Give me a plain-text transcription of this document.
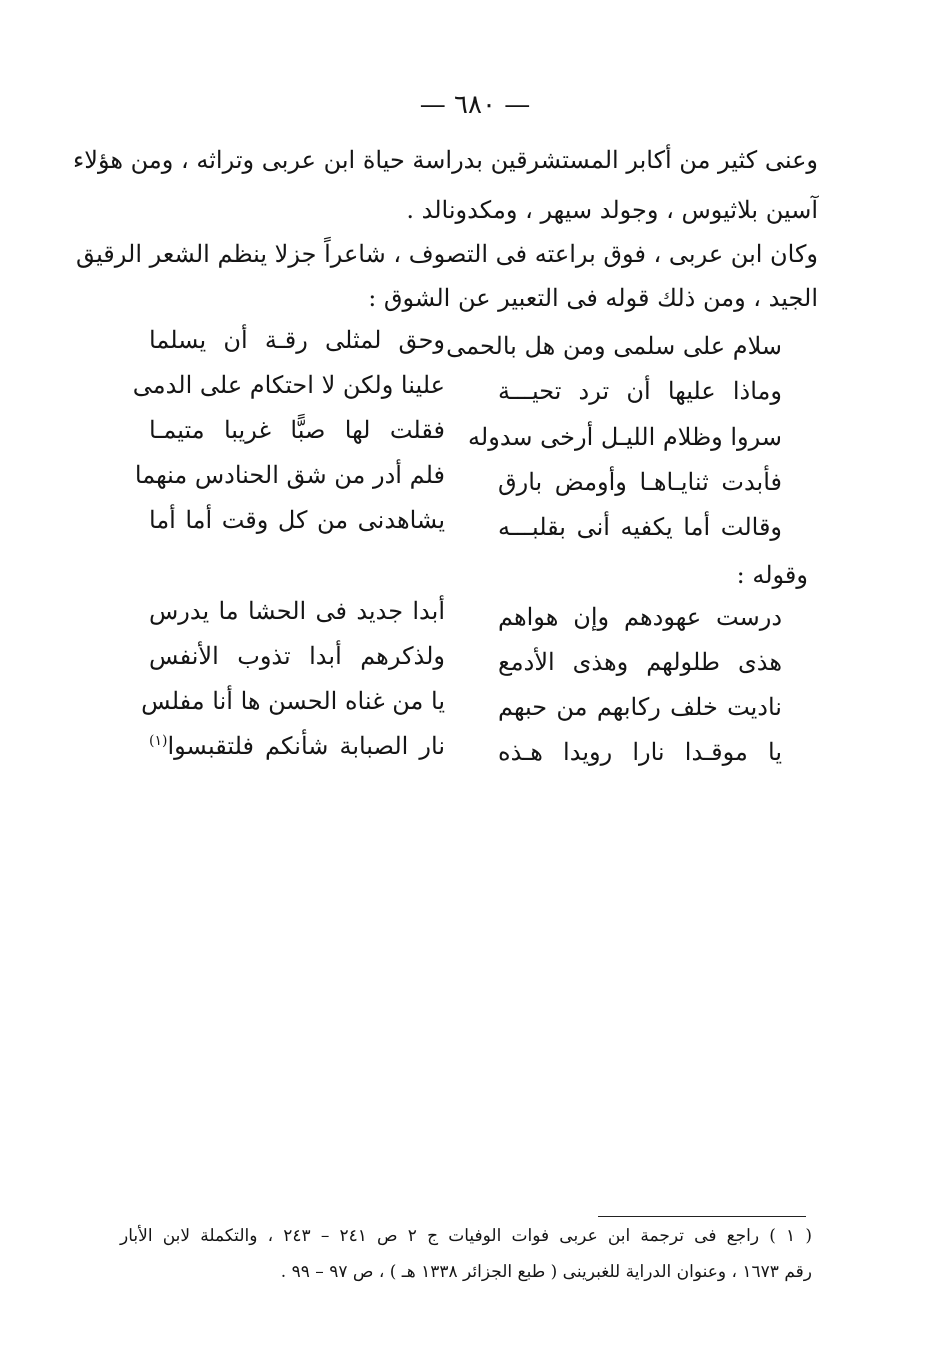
— ٦٨٠ —
وعنى كثير من أكابر المستشرقين بدراسة حياة ابن عربى وتراثه ، ومن هؤلاء
آسين بلاثيوس ، وجولد سيهر ، ومكدونالد .
وكان ابن عربى ، فوق براعته فى التصوف ، شاعراً جزلا ينظم الشعر الرقيق
الجيد ، ومن ذلك قوله فى التعبير عن الشوق :
سلام على سلمى ومن هل بالحمى
وحق لمثلى رقـة أن يسلما
وماذا عليها أن ترد تحيـــة
علينا ولكن لا احتكام على الدمى
سروا وظلام الليـل أرخى سدوله
فقلت لها صبًّا غريبا متيمـا
فأبدت ثنايـاهـا وأومض بارق
فلم أدر من شق الحنادس منهما
وقالت أما يكفيه أنى بقلبـــه
يشاهدنى من كل وقت أما أما
وقوله :
درست عهودهم وإن هواهم
أبدا جديد فى الحشا ما يدرس
هذى طلولهم وهذى الأدمع
ولذكرهم أبدا تذوب الأنفس
ناديت خلف ركابهم من حبهم
يا من غناه الحسن ها أنا مفلس
يا موقـدا نارا رويدا هـذه
نار الصبابة شأنكم فلتقبسوا$^{(١)}$
( ١ ) راجع فى ترجمة ابن عربى فوات الوفيات ج ٢ ص ٢٤١ – ٢٤٣ ، والتكملة لابن الأبار
رقم ١٦٧٣ ، وعنوان الدراية للغبرينى ( طبع الجزائر ١٣٣٨ هـ ) ، ص ٩٧ – ٩٩ .
